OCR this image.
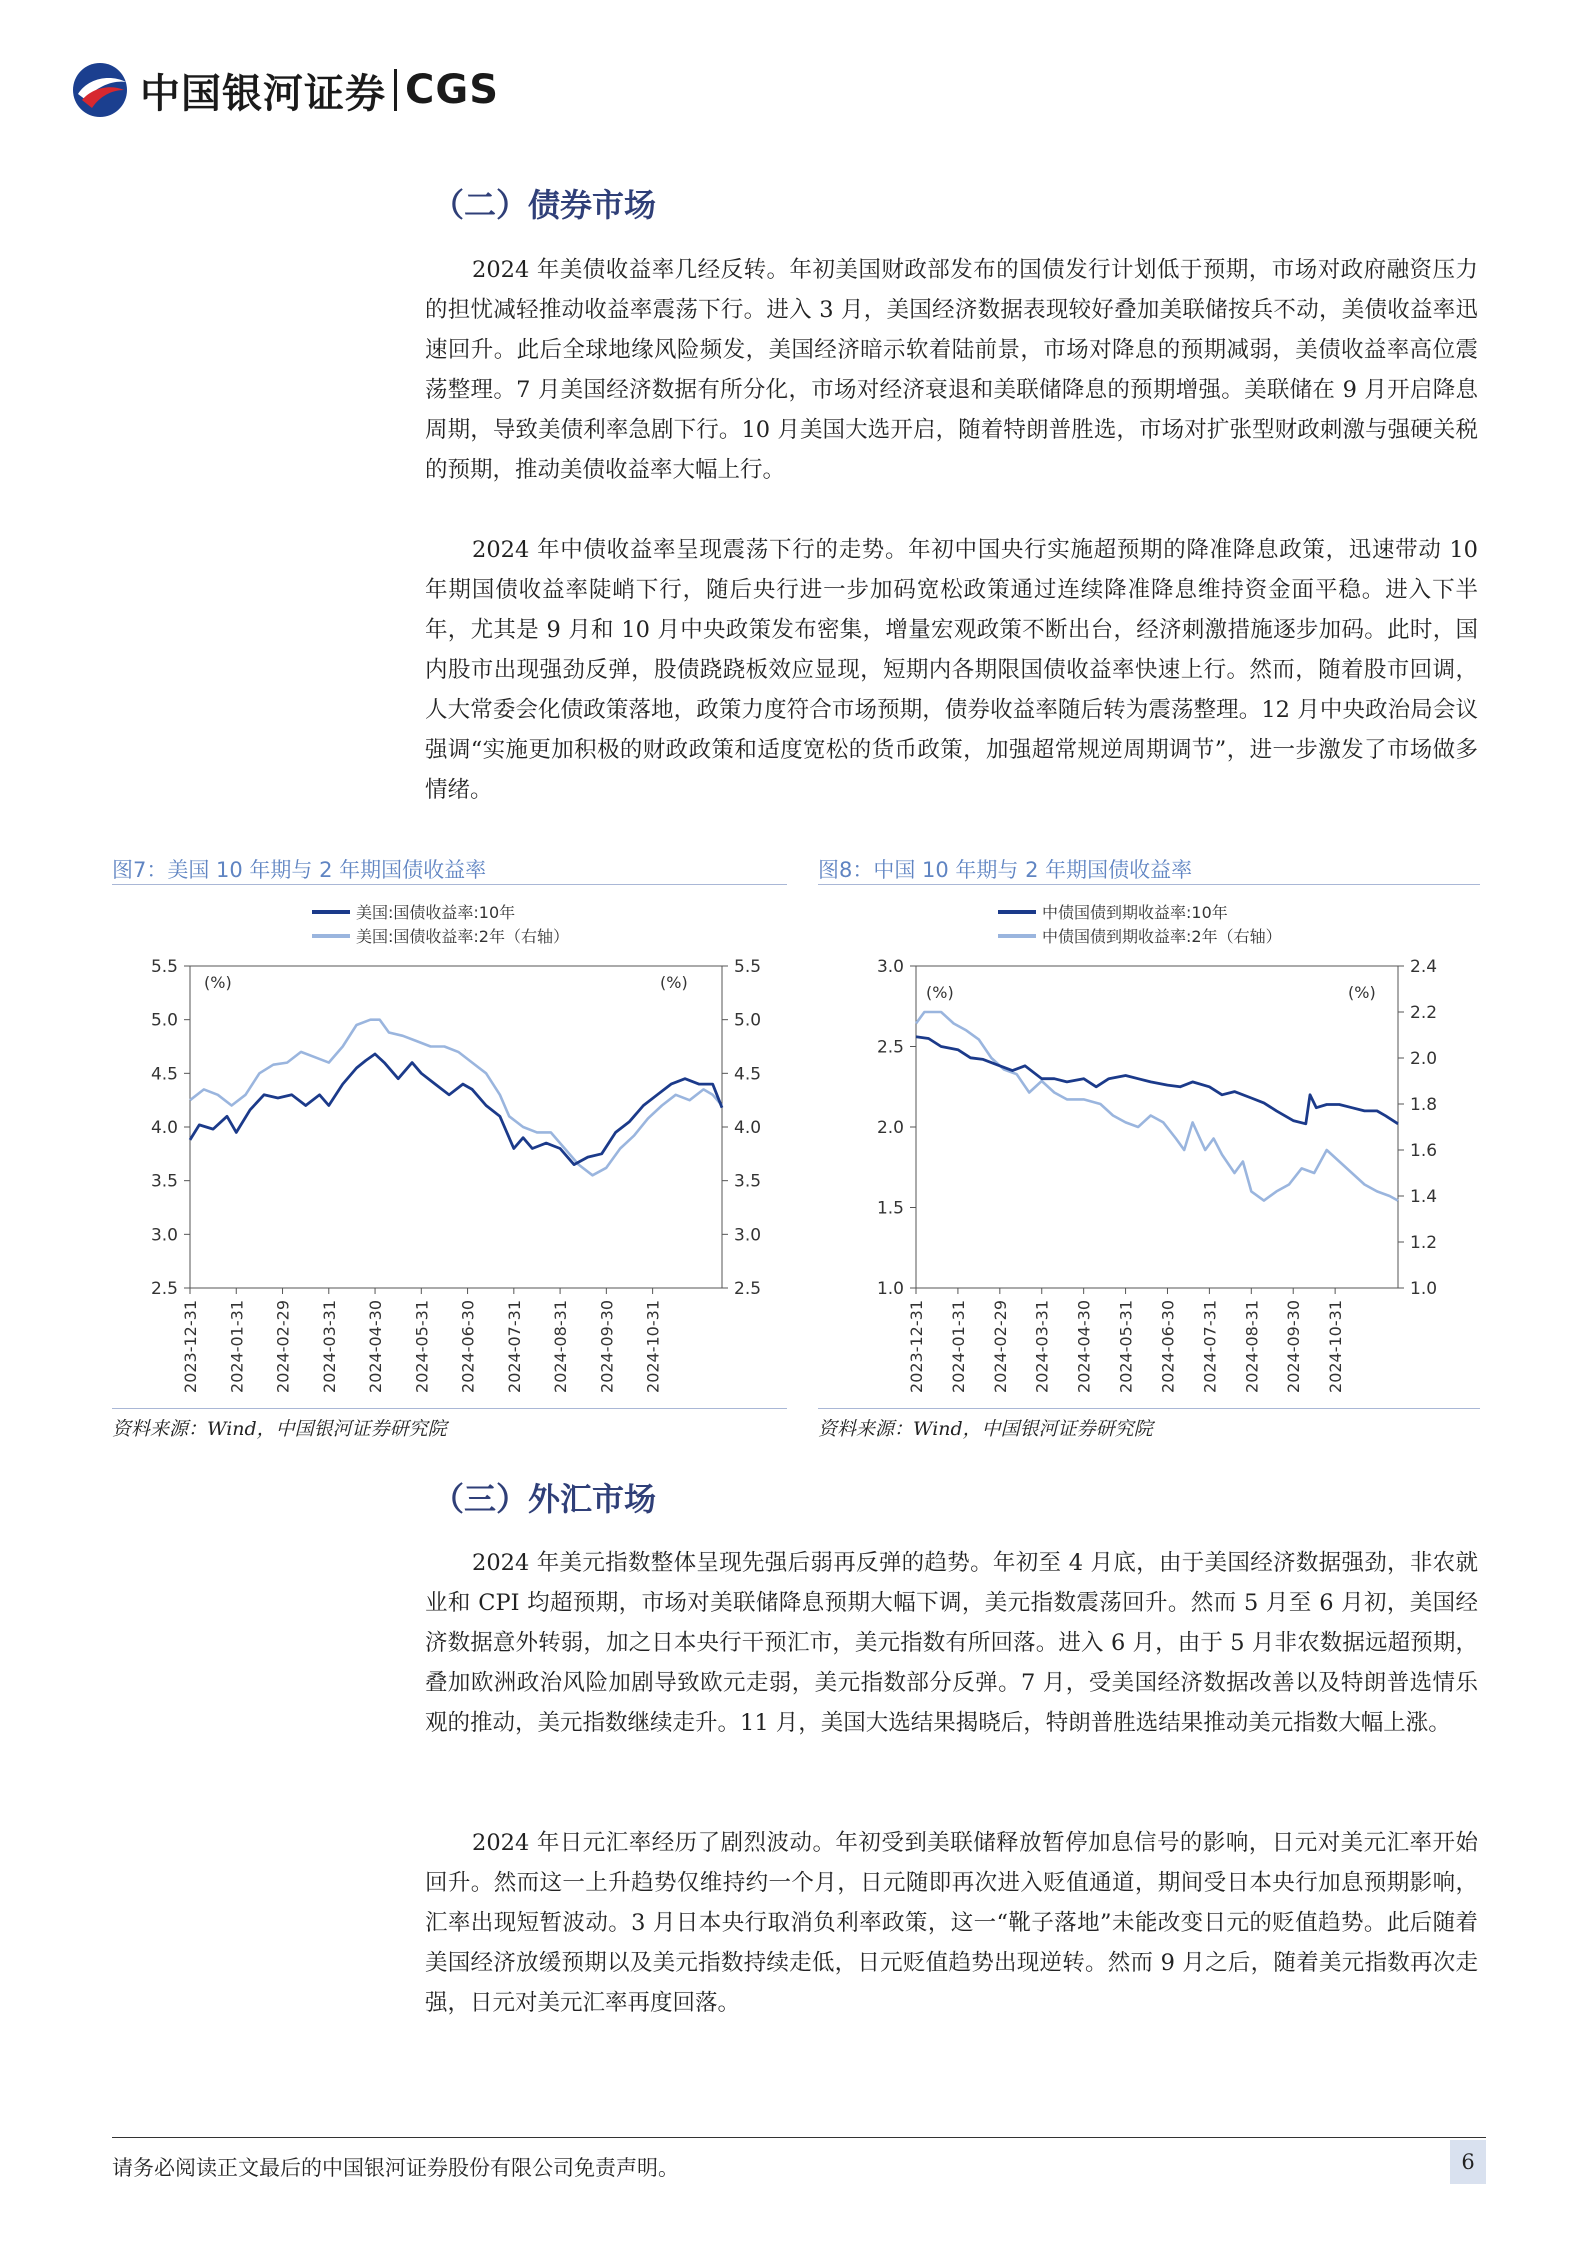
中国银河证券 CGS
（二）债券市场
2024 年美债收益率几经反转。年初美国财政部发布的国债发行计划低于预期，市场对政府融资压力的担忧减轻推动收益率震荡下行。进入 3 月，美国经济数据表现较好叠加美联储按兵不动，美债收益率迅速回升。此后全球地缘风险频发，美国经济暗示软着陆前景，市场对降息的预期减弱，美债收益率高位震荡整理。7 月美国经济数据有所分化，市场对经济衰退和美联储降息的预期增强。美联储在 9 月开启降息周期，导致美债利率急剧下行。10 月美国大选开启，随着特朗普胜选，市场对扩张型财政刺激与强硬关税的预期，推动美债收益率大幅上行。
2024 年中债收益率呈现震荡下行的走势。年初中国央行实施超预期的降准降息政策，迅速带动 10 年期国债收益率陡峭下行，随后央行进一步加码宽松政策通过连续降准降息维持资金面平稳。进入下半年，尤其是 9 月和 10 月中央政策发布密集，增量宏观政策不断出台，经济刺激措施逐步加码。此时，国内股市出现强劲反弹，股债跷跷板效应显现，短期内各期限国债收益率快速上行。然而，随着股市回调，人大常委会化债政策落地，政策力度符合市场预期，债券收益率随后转为震荡整理。12 月中央政治局会议强调“实施更加积极的财政政策和适度宽松的货币政策，加强超常规逆周期调节”，进一步激发了市场做多情绪。
图7：美国 10 年期与 2 年期国债收益率
2.5
3.0
3.5
4.0
4.5
5.0
5.5
2.5
3.0
3.5
4.0
4.5
5.0
5.5
(%)	(%)
2023-12-31 2024-01-31 2024-02-29 2024-03-31 2024-04-30 2024-05-31 2024-06-30 2024-07-31 2024-08-31 2024-09-30 2024-10-31
美国:国债收益率:10年
美国:国债收益率:2年（右轴）
资料来源：Wind，中国银河证券研究院
图8：中国 10 年期与 2 年期国债收益率
1.0
1.5
2.0
2.5
3.0
1.0
1.2
1.4
1.6
1.8
2.0
2.2
2.4
(%)	(%)
2023-12-31 2024-01-31 2024-02-29 2024-03-31 2024-04-30 2024-05-31 2024-06-30 2024-07-31 2024-08-31 2024-09-30 2024-10-31
中债国债到期收益率:10年
中债国债到期收益率:2年（右轴）
资料来源：Wind，中国银河证券研究院
（三）外汇市场
2024 年美元指数整体呈现先强后弱再反弹的趋势。年初至 4 月底，由于美国经济数据强劲，非农就业和 CPI 均超预期，市场对美联储降息预期大幅下调，美元指数震荡回升。然而 5 月至 6 月初，美国经济数据意外转弱，加之日本央行干预汇市，美元指数有所回落。进入 6 月，由于 5 月非农数据远超预期，叠加欧洲政治风险加剧导致欧元走弱，美元指数部分反弹。7 月，受美国经济数据改善以及特朗普选情乐观的推动，美元指数继续走升。11 月，美国大选结果揭晓后，特朗普胜选结果推动美元指数大幅上涨。
2024 年日元汇率经历了剧烈波动。年初受到美联储释放暂停加息信号的影响，日元对美元汇率开始回升。然而这一上升趋势仅维持约一个月，日元随即再次进入贬值通道，期间受日本央行加息预期影响，汇率出现短暂波动。3 月日本央行取消负利率政策，这一“靴子落地”未能改变日元的贬值趋势。此后随着美国经济放缓预期以及美元指数持续走低，日元贬值趋势出现逆转。然而 9 月之后，随着美元指数再次走强，日元对美元汇率再度回落。
请务必阅读正文最后的中国银河证券股份有限公司免责声明。	6
